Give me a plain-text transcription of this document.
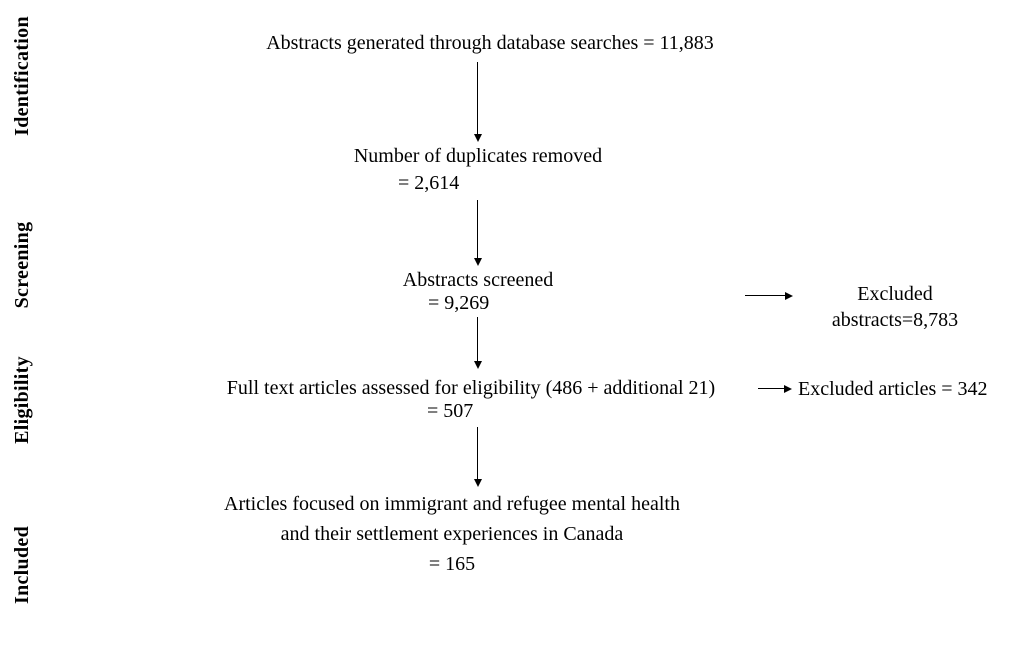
Identification
Screening
Eligibility
Included
Abstracts generated through database searches = 11,883
Number of duplicates removed
= 2,614
Abstracts screened
= 9,269	Excluded
abstracts=8,783
Full text articles assessed for eligibility (486 + additional 21)
= 507
Excluded articles = 342
Articles focused on immigrant and refugee mental health
and their settlement experiences in Canada
= 165
